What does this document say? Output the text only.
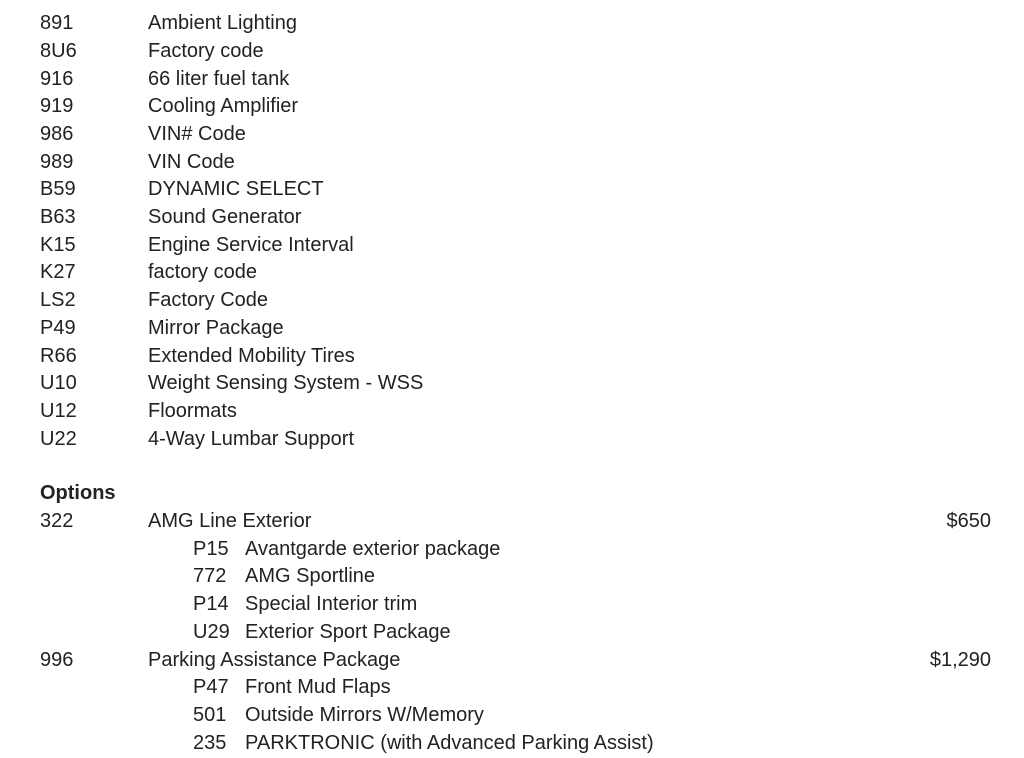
891	Ambient Lighting
8U6	Factory code
916	66 liter fuel tank
919	Cooling Amplifier
986	VIN# Code
989	VIN Code
B59	DYNAMIC SELECT
B63	Sound Generator
K15	Engine Service Interval
K27	factory code
LS2	Factory Code
P49	Mirror Package
R66	Extended Mobility Tires
U10	Weight Sensing System - WSS
U12	Floormats
U22	4-Way Lumbar Support
Options
322	AMG Line Exterior	$650
P15 Avantgarde exterior package
772 AMG Sportline
P14 Special Interior trim
U29 Exterior Sport Package
996	Parking Assistance Package	$1,290
P47 Front Mud Flaps
501 Outside Mirrors W/Memory
235 PARKTRONIC (with Advanced Parking Assist)
